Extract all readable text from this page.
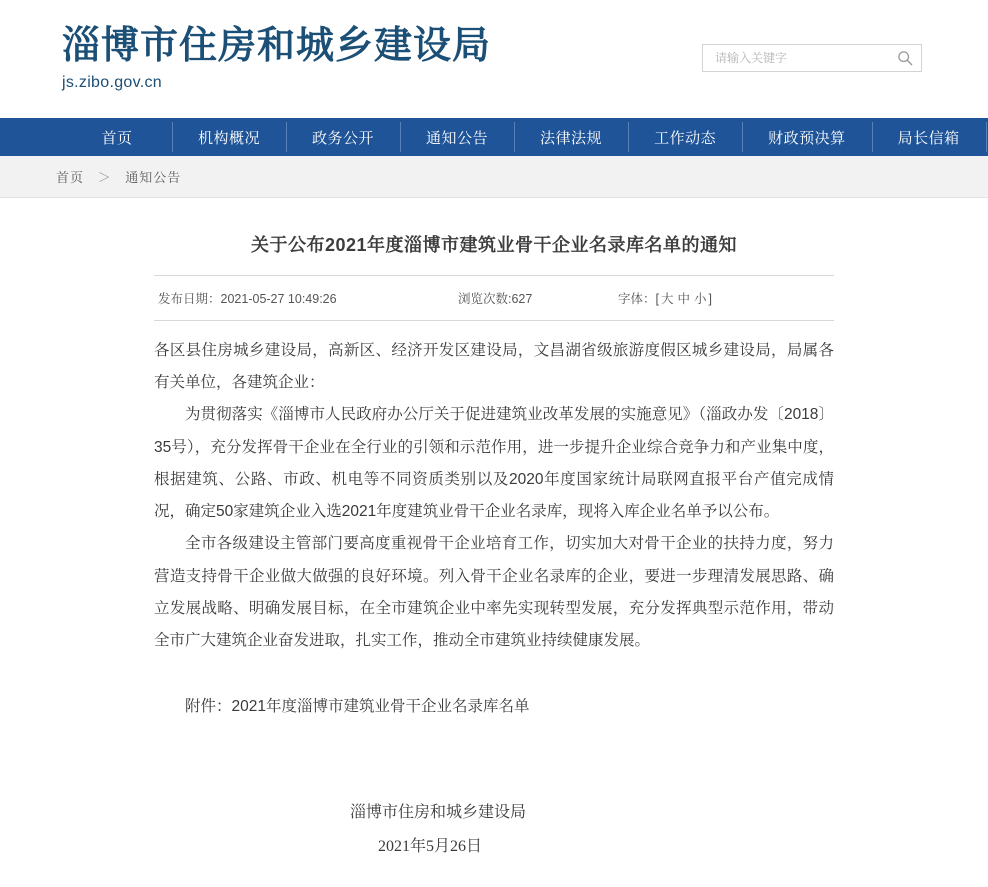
淄博市住房和城乡建设局
js.zibo.gov.cn
请输入关键字
首页	机构概况	政务公开	通知公告	法律法规	工作动态	财政预决算	局长信箱
首页 ＞ 通知公告
关于公布2021年度淄博市建筑业骨干企业名录库名单的通知
发布日期：2021-05-27 10:49:26	浏览次数:627	字体：[ 大 中 小 ]

各区县住房城乡建设局，高新区、经济开发区建设局，文昌湖省级旅游度假区城乡建设局，局属各有关单位，各建筑企业：

为贯彻落实《淄博市人民政府办公厅关于促进建筑业改革发展的实施意见》（淄政办发〔2018〕35号），充分发挥骨干企业在全行业的引领和示范作用，进一步提升企业综合竞争力和产业集中度，根据建筑、公路、市政、机电等不同资质类别以及2020年度国家统计局联网直报平台产值完成情况，确定50家建筑企业入选2021年度建筑业骨干企业名录库，现将入库企业名单予以公布。

全市各级建设主管部门要高度重视骨干企业培育工作，切实加大对骨干企业的扶持力度，努力营造支持骨干企业做大做强的良好环境。列入骨干企业名录库的企业，要进一步理清发展思路、确立发展战略、明确发展目标，在全市建筑企业中率先实现转型发展，充分发挥典型示范作用，带动全市广大建筑企业奋发进取，扎实工作，推动全市建筑业持续健康发展。

附件：2021年度淄博市建筑业骨干企业名录库名单
淄博市住房和城乡建设局
2021年5月26日
